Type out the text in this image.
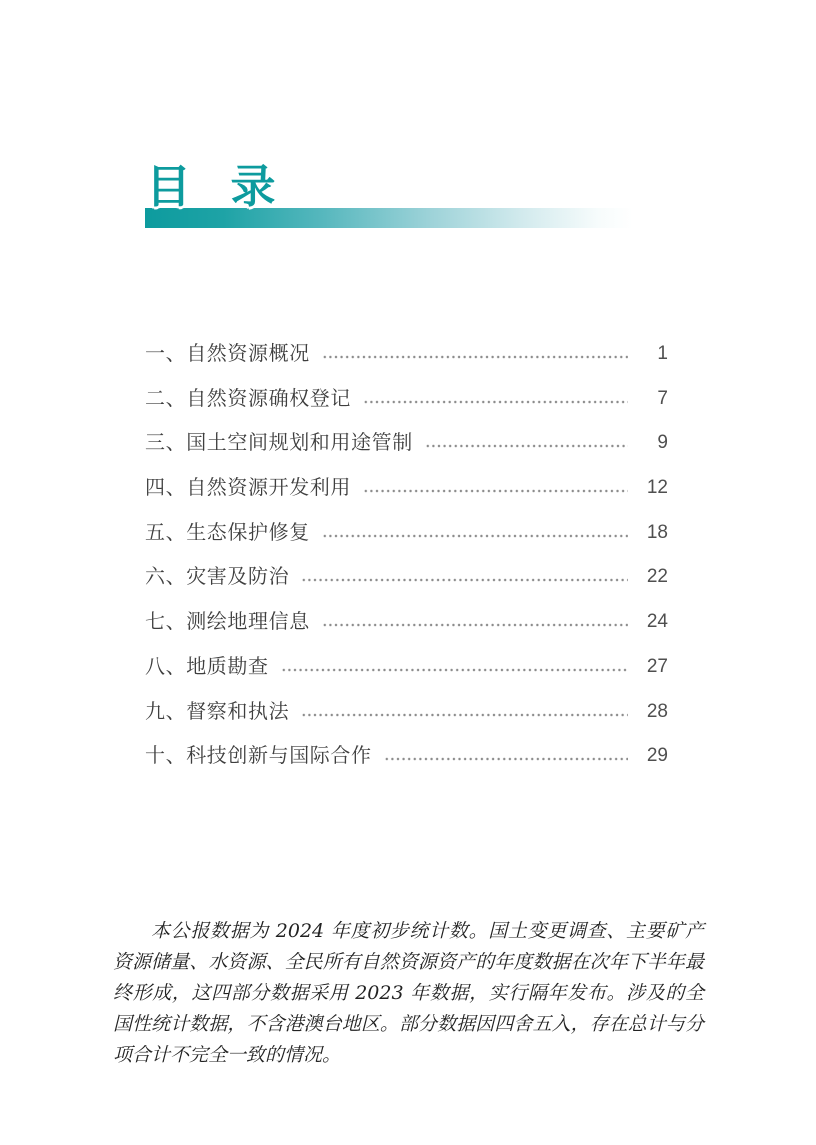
目 录
一、自然资源概况	1
二、自然资源确权登记	7
三、国土空间规划和用途管制	9
四、自然资源开发利用	12
五、生态保护修复	18
六、灾害及防治	22
七、测绘地理信息	24
八、地质勘查	27
九、督察和执法	28
十、科技创新与国际合作	29

本公报数据为 2024 年度初步统计数。国土变更调查、主要矿产资源储量、水资源、全民所有自然资源资产的年度数据在次年下半年最终形成，这四部分数据采用 2023 年数据，实行隔年发布。涉及的全国性统计数据，不含港澳台地区。部分数据因四舍五入，存在总计与分项合计不完全一致的情况。
